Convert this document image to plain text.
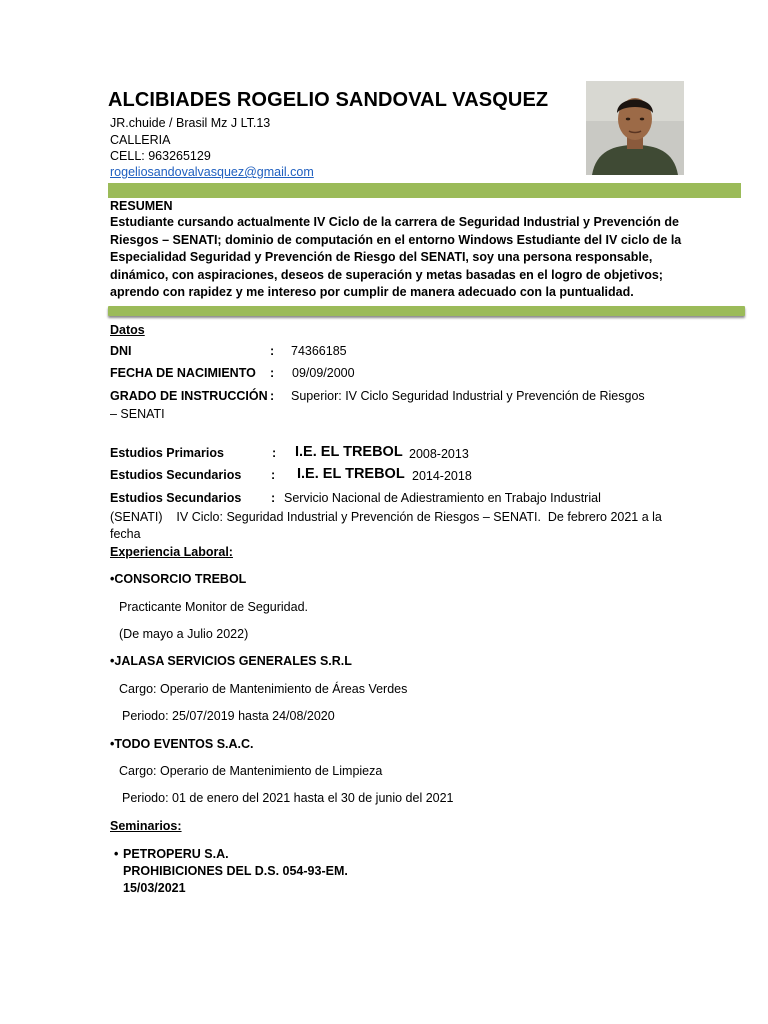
ALCIBIADES ROGELIO SANDOVAL VASQUEZ
JR.chuide / Brasil Mz J LT.13
CALLERIA
CELL: 963265129
rogeliosandovalvasquez@gmail.com
RESUMEN
Estudiante cursando actualmente IV Ciclo de la carrera de Seguridad Industrial y Prevención de
Riesgos – SENATI; dominio de computación en el entorno Windows Estudiante del IV ciclo de la
Especialidad Seguridad y Prevención de Riesgo del SENATI, soy una persona responsable,
dinámico, con aspiraciones, deseos de superación y metas basadas en el logro de objetivos;
aprendo con rapidez y me intereso por cumplir de manera adecuado con la puntualidad.
Datos
DNI	: 74366185
FECHA DE NACIMIENTO : 09/09/2000
GRADO DE INSTRUCCIÓN : Superior: IV Ciclo Seguridad Industrial y Prevención de Riesgos
– SENATI
Estudios Primarios	: I.E. EL TREBOL 2008-2013
Estudios Secundarios : I.E. EL TREBOL 2014-2018
Estudios Secundarios : Servicio Nacional de Adiestramiento en Trabajo Industrial
(SENATI)    IV Ciclo: Seguridad Industrial y Prevención de Riesgos – SENATI.  De febrero 2021 a la
fecha
Experiencia Laboral:
•CONSORCIO TREBOL
Practicante Monitor de Seguridad.
(De mayo a Julio 2022)
•JALASA SERVICIOS GENERALES S.R.L
Cargo: Operario de Mantenimiento de Áreas Verdes
Periodo: 25/07/2019 hasta 24/08/2020
•TODO EVENTOS S.A.C.
Cargo: Operario de Mantenimiento de Limpieza
Periodo: 01 de enero del 2021 hasta el 30 de junio del 2021
Seminarios:
• PETROPERU S.A.
PROHIBICIONES DEL D.S. 054-93-EM.
15/03/2021
